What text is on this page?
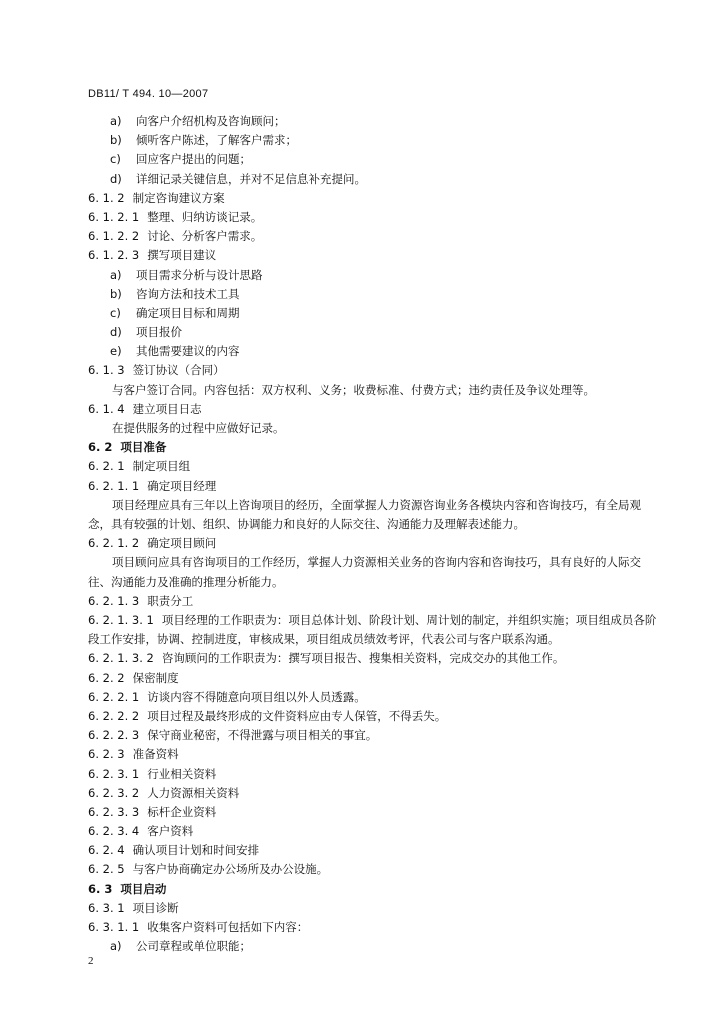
DB11/ T 494. 10—2007
a) 向客户介绍机构及咨询顾问；
b) 倾听客户陈述，了解客户需求；
c) 回应客户提出的问题；
d) 详细记录关键信息，并对不足信息补充提问。
6. 1. 2 制定咨询建议方案
6. 1. 2. 1 整理、归纳访谈记录。
6. 1. 2. 2 讨论、分析客户需求。
6. 1. 2. 3 撰写项目建议
a) 项目需求分析与设计思路
b) 咨询方法和技术工具
c) 确定项目目标和周期
d) 项目报价
e) 其他需要建议的内容
6. 1. 3 签订协议（合同）
与客户签订合同。内容包括：双方权利、义务；收费标准、付费方式；违约责任及争议处理等。
6. 1. 4 建立项目日志
在提供服务的过程中应做好记录。
6. 2 项目准备
6. 2. 1 制定项目组
6. 2. 1. 1 确定项目经理
项目经理应具有三年以上咨询项目的经历，全面掌握人力资源咨询业务各模块内容和咨询技巧，有全局观念，具有较强的计划、组织、协调能力和良好的人际交往、沟通能力及理解表述能力。
6. 2. 1. 2 确定项目顾问
项目顾问应具有咨询项目的工作经历，掌握人力资源相关业务的咨询内容和咨询技巧，具有良好的人际交往、沟通能力及准确的推理分析能力。
6. 2. 1. 3 职责分工
6. 2. 1. 3. 1 项目经理的工作职责为：项目总体计划、阶段计划、周计划的制定，并组织实施；项目组成员各阶段工作安排，协调、控制进度，审核成果，项目组成员绩效考评，代表公司与客户联系沟通。
6. 2. 1. 3. 2 咨询顾问的工作职责为：撰写项目报告、搜集相关资料，完成交办的其他工作。
6. 2. 2 保密制度
6. 2. 2. 1 访谈内容不得随意向项目组以外人员透露。
6. 2. 2. 2 项目过程及最终形成的文件资料应由专人保管，不得丢失。
6. 2. 2. 3 保守商业秘密，不得泄露与项目相关的事宜。
6. 2. 3 准备资料
6. 2. 3. 1 行业相关资料
6. 2. 3. 2 人力资源相关资料
6. 2. 3. 3 标杆企业资料
6. 2. 3. 4 客户资料
6. 2. 4 确认项目计划和时间安排
6. 2. 5 与客户协商确定办公场所及办公设施。
6. 3 项目启动
6. 3. 1 项目诊断
6. 3. 1. 1 收集客户资料可包括如下内容：
a) 公司章程或单位职能；
2
